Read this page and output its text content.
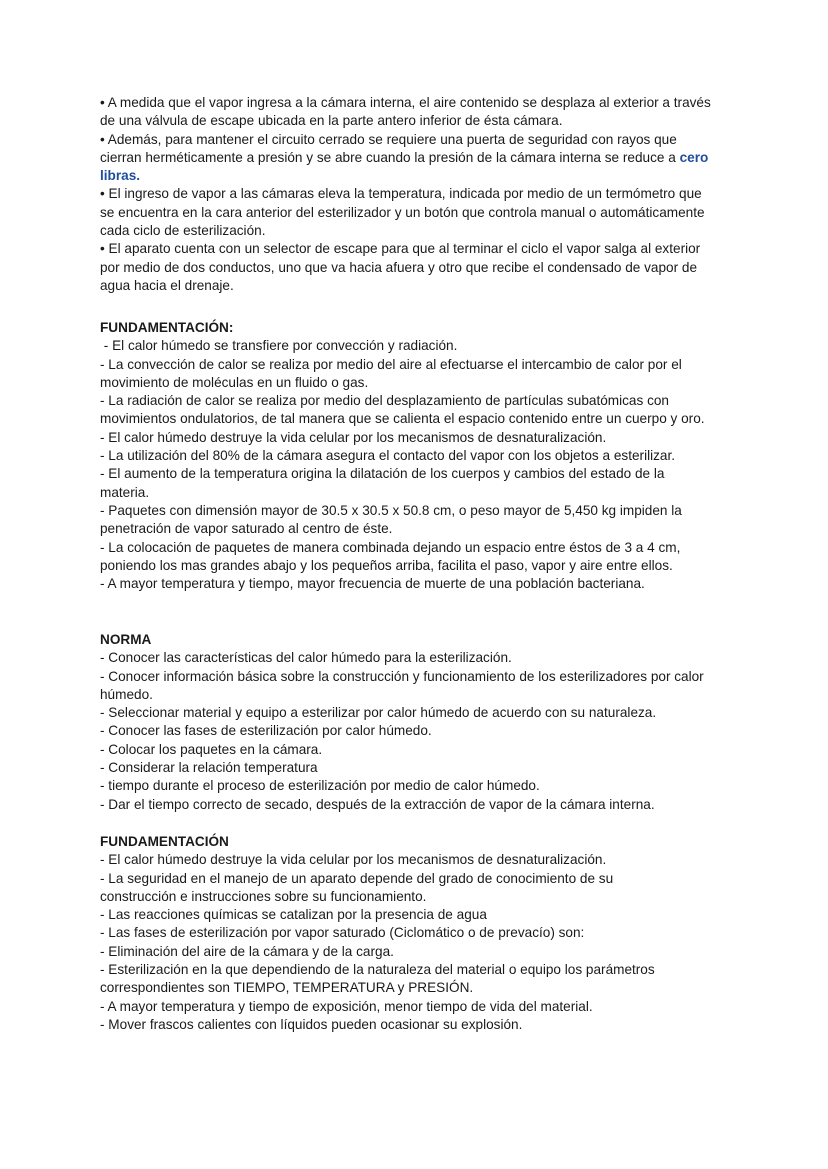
• A medida que el vapor ingresa a la cámara interna, el aire contenido se desplaza al exterior a través
de una válvula de escape ubicada en la parte antero inferior de ésta cámara.
• Además, para mantener el circuito cerrado se requiere una puerta de seguridad con rayos que
cierran herméticamente a presión y se abre cuando la presión de la cámara interna se reduce a cero
libras.
• El ingreso de vapor a las cámaras eleva la temperatura, indicada por medio de un termómetro que
se encuentra en la cara anterior del esterilizador y un botón que controla manual o automáticamente
cada ciclo de esterilización.
• El aparato cuenta con un selector de escape para que al terminar el ciclo el vapor salga al exterior
por medio de dos conductos, uno que va hacia afuera y otro que recibe el condensado de vapor de
agua hacia el drenaje.
FUNDAMENTACIÓN:
- El calor húmedo se transfiere por convección y radiación.
- La convección de calor se realiza por medio del aire al efectuarse el intercambio de calor por el
movimiento de moléculas en un fluido o gas.
- La radiación de calor se realiza por medio del desplazamiento de partículas subatómicas con
movimientos ondulatorios, de tal manera que se calienta el espacio contenido entre un cuerpo y oro.
- El calor húmedo destruye la vida celular por los mecanismos de desnaturalización.
- La utilización del 80% de la cámara asegura el contacto del vapor con los objetos a esterilizar.
- El aumento de la temperatura origina la dilatación de los cuerpos y cambios del estado de la
materia.
- Paquetes con dimensión mayor de 30.5 x 30.5 x 50.8 cm, o peso mayor de 5,450 kg impiden la
penetración de vapor saturado al centro de éste.
- La colocación de paquetes de manera combinada dejando un espacio entre éstos de 3 a 4 cm,
poniendo los mas grandes abajo y los pequeños arriba, facilita el paso, vapor y aire entre ellos.
- A mayor temperatura y tiempo, mayor frecuencia de muerte de una población bacteriana.
NORMA
- Conocer las características del calor húmedo para la esterilización.
- Conocer información básica sobre la construcción y funcionamiento de los esterilizadores por calor
húmedo.
- Seleccionar material y equipo a esterilizar por calor húmedo de acuerdo con su naturaleza.
- Conocer las fases de esterilización por calor húmedo.
- Colocar los paquetes en la cámara.
- Considerar la relación temperatura
- tiempo durante el proceso de esterilización por medio de calor húmedo.
- Dar el tiempo correcto de secado, después de la extracción de vapor de la cámara interna.
FUNDAMENTACIÓN
- El calor húmedo destruye la vida celular por los mecanismos de desnaturalización.
- La seguridad en el manejo de un aparato depende del grado de conocimiento de su
construcción e instrucciones sobre su funcionamiento.
- Las reacciones químicas se catalizan por la presencia de agua
- Las fases de esterilización por vapor saturado (Ciclomático o de prevacío) son:
- Eliminación del aire de la cámara y de la carga.
- Esterilización en la que dependiendo de la naturaleza del material o equipo los parámetros
correspondientes son TIEMPO, TEMPERATURA y PRESIÓN.
- A mayor temperatura y tiempo de exposición, menor tiempo de vida del material.
- Mover frascos calientes con líquidos pueden ocasionar su explosión.
